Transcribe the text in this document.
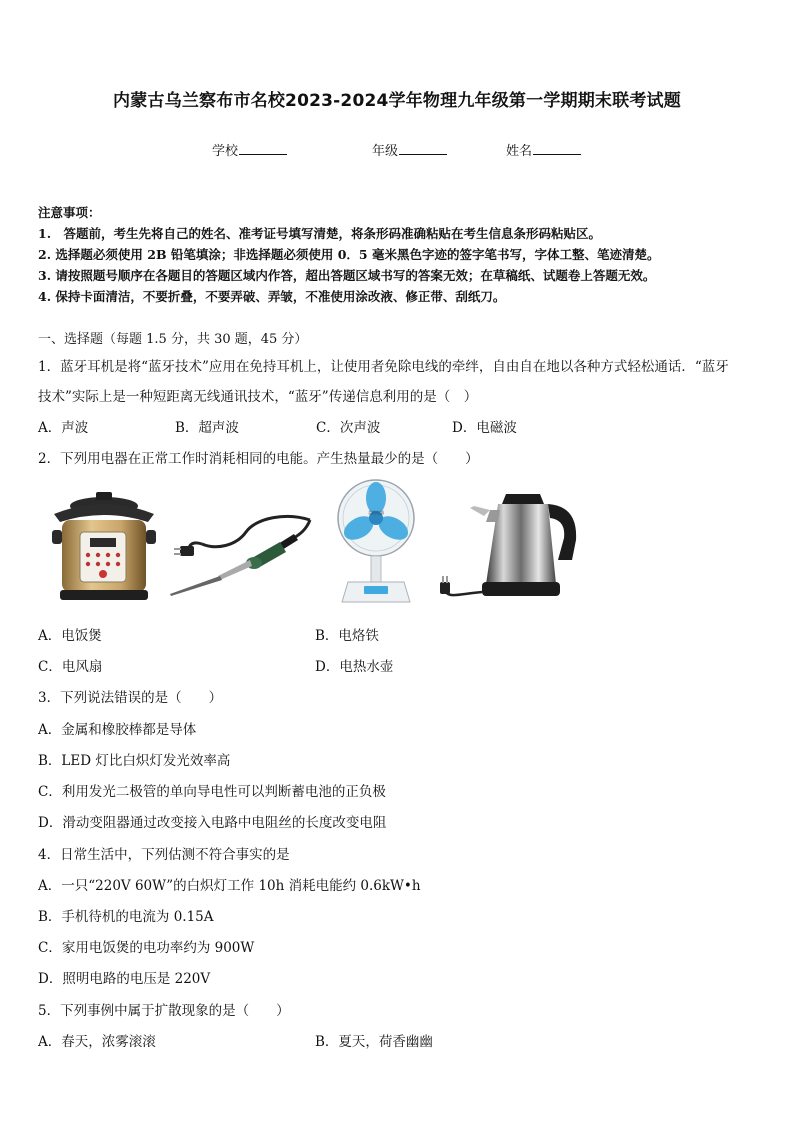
内蒙古乌兰察布市名校2023-2024学年物理九年级第一学期期末联考试题
学校	年级	姓名
注意事项：
1.　答题前，考生先将自己的姓名、准考证号填写清楚，将条形码准确粘贴在考生信息条形码粘贴区。
2. 选择题必须使用 2B 铅笔填涂；非选择题必须使用 0．5 毫米黑色字迹的签字笔书写，字体工整、笔迹清楚。
3. 请按照题号顺序在各题目的答题区域内作答，超出答题区域书写的答案无效；在草稿纸、试题卷上答题无效。
4. 保持卡面清洁，不要折叠，不要弄破、弄皱，不准使用涂改液、修正带、刮纸刀。
一、选择题（每题 1.5 分，共 30 题，45 分）
1．蓝牙耳机是将“蓝牙技术”应用在免持耳机上，让使用者免除电线的牵绊，自由自在地以各种方式轻松通话．“蓝牙
技术”实际上是一种短距离无线通讯技术，“蓝牙”传递信息利用的是（　）
A．声波	B．超声波	C．次声波	D．电磁波
2．下列用电器在正常工作时消耗相同的电能。产生热量最少的是（　　）
美的电器
A．电饭煲	B．电烙铁
C．电风扇	D．电热水壶
3．下列说法错误的是（　　）
A．金属和橡胶棒都是导体
B．LED 灯比白炽灯发光效率高
C．利用发光二极管的单向导电性可以判断蓄电池的正负极
D．滑动变阻器通过改变接入电路中电阻丝的长度改变电阻
4．日常生活中，下列估测不符合事实的是
A．一只“220V 60W”的白炽灯工作 10h 消耗电能约 0.6kW•h
B．手机待机的电流为 0.15A
C．家用电饭煲的电功率约为 900W
D．照明电路的电压是 220V
5．下列事例中属于扩散现象的是（　　）
A．春天，浓雾滚滚	B．夏天，荷香幽幽
